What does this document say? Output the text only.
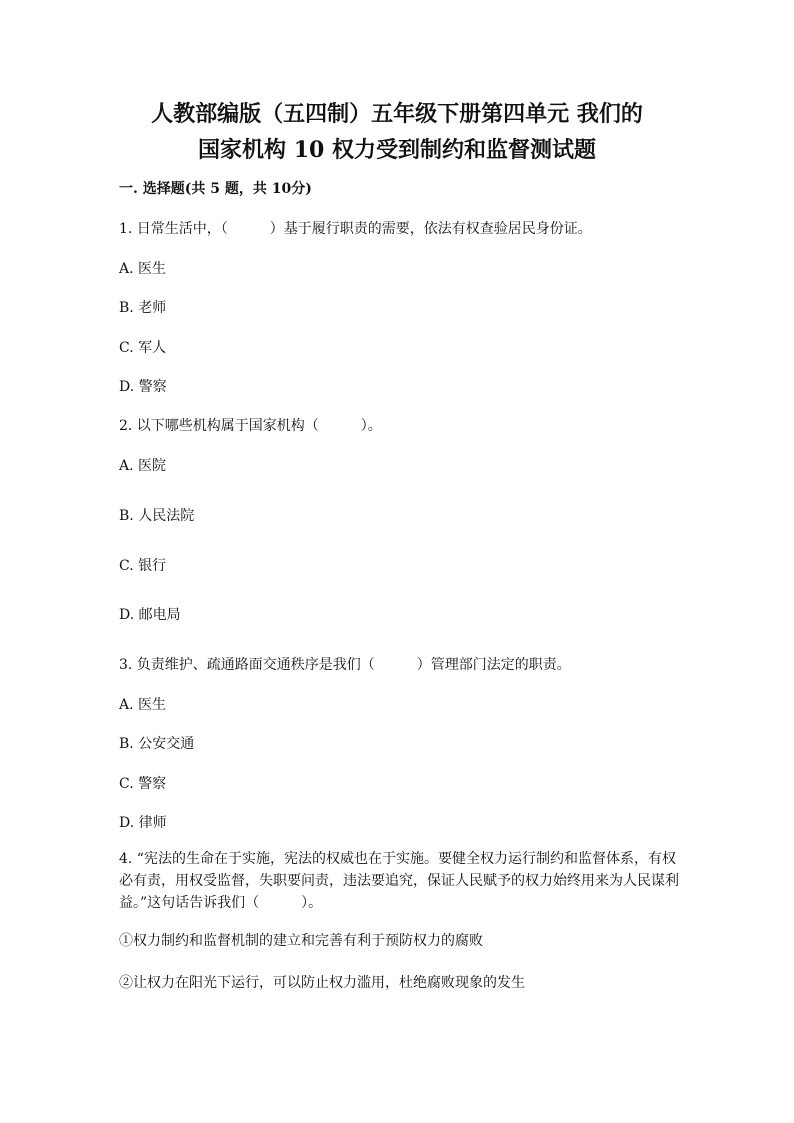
人教部编版（五四制）五年级下册第四单元 我们的
国家机构 10 权力受到制约和监督测试题
一. 选择题(共 5 题，共 10分)
1. 日常生活中，（　　　）基于履行职责的需要，依法有权查验居民身份证。
A. 医生
B. 老师
C. 军人
D. 警察
2. 以下哪些机构属于国家机构（　　　）。
A. 医院
B. 人民法院
C. 银行
D. 邮电局
3. 负责维护、疏通路面交通秩序是我们（　　　）管理部门法定的职责。
A. 医生
B. 公安交通
C. 警察
D. 律师
4. “宪法的生命在于实施，宪法的权威也在于实施。要健全权力运行制约和监督体系，有权必有责，用权受监督，失职要问责，违法要追究，保证人民赋予的权力始终用来为人民谋利益。”这句话告诉我们（　　　）。
①权力制约和监督机制的建立和完善有利于预防权力的腐败
②让权力在阳光下运行，可以防止权力滥用，杜绝腐败现象的发生
